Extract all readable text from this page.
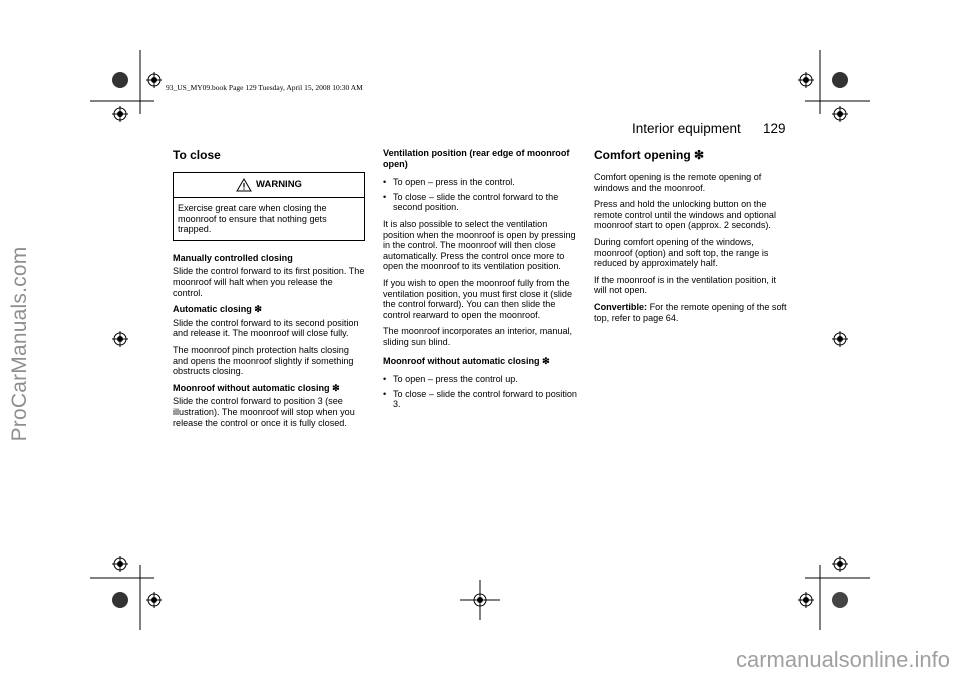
ProCarManuals.com
carmanualsonline.info
93_US_MY09.book Page 129 Tuesday, April 15, 2008 10:30 AM
Interior equipment 129
To close
WARNING
Exercise great care when closing the moonroof to ensure that nothing gets trapped.
Manually controlled closing

Slide the control forward to its first position. The moonroof will halt when you release the control.

Automatic closing ❇

Slide the control forward to its second position and release it. The moonroof will close fully.

The moonroof pinch protection halts closing and opens the moonroof slightly if something obstructs closing.

Moonroof without automatic closing ❇

Slide the control forward to position 3 (see illustration). The moonroof will stop when you release the control or once it is fully closed.

Ventilation position (rear edge of moonroof open)
• To open – press in the control.
• To close – slide the control forward to the second position.

It is also possible to select the ventilation position when the moonroof is open by pressing in the control. The moonroof will then close automatically. Press the control once more to open the moonroof to its ventilation position.

If you wish to open the moonroof fully from the ventilation position, you must first close it (slide the control forward). You can then slide the control rearward to open the moonroof.

The moonroof incorporates an interior, manual, sliding sun blind.

Moonroof without automatic closing ❇
• To open – press the control up.
• To close – slide the control forward to position 3.
Comfort opening ❇

Comfort opening is the remote opening of windows and the moonroof.

Press and hold the unlocking button on the remote control until the windows and optional moonroof start to open (approx. 2 seconds).

During comfort opening of the windows, moonroof (option) and soft top, the range is reduced by approximately half.

If the moonroof is in the ventilation position, it will not open.

Convertible: For the remote opening of the soft top, refer to page 64.
